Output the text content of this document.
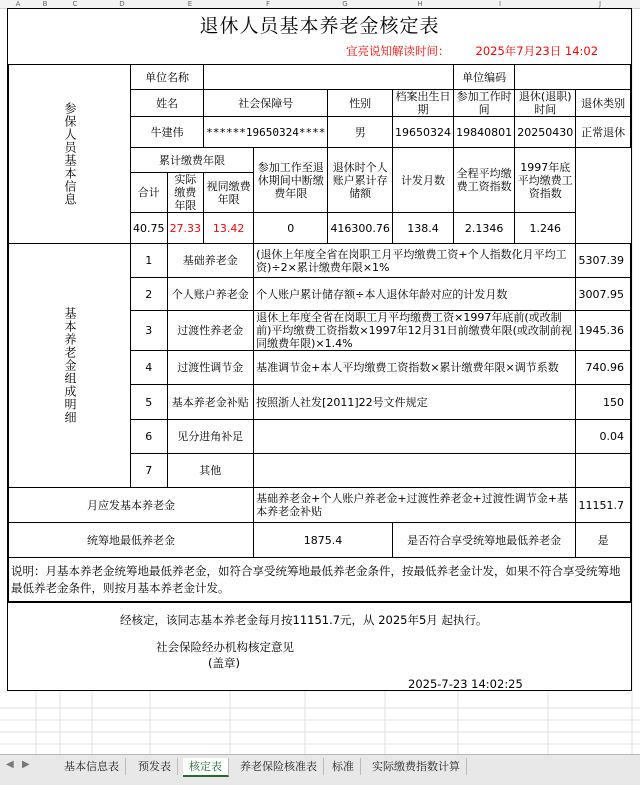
A	B	C	D	E	F	G	H	I	J
退休人员基本养老金核定表
宜亮说知解读时间： 2025年7月23日 14:02
参保人员基本信息	单位名称						单位编码		
	姓名		社会保障号		性别	档案出生日期	参加工作时间	退休(退职)时间	退休类别
	牛建伟		******19650324****		男	19650324	19840801	20250430	正常退休
	累计缴费年限			参加工作至退休期间中断缴费年限	退休时个人账户累计存储额	计发月数	全程平均缴费工资指数	1997年底平均缴费工资指数	
	合计	实际缴费年限	视同缴费年限						
	40.75	27.33	13.42	0	416300.76	138.4	2.1346	1.246	
基本养老金组成明细	1	基础养老金		(退休上年度全省在岗职工月平均缴费工资+个人指数化月平均工资)÷2×累计缴费年限×1%					5307.39
	2	个人账户养老金		个人账户累计储存额÷本人退休年龄对应的计发月数					3007.95
	3	过渡性养老金		退休上年度全省在岗职工月平均缴费工资×1997年底前(或改制前)平均缴费工资指数×1997年12月31日前缴费年限(或改制前视同缴费年限)×1.4%					1945.36
	4	过渡性调节金		基准调节金+本人平均缴费工资指数×累计缴费年限×调节系数					740.96
	5	基本养老金补贴		按照浙人社发[2011]22号文件规定					150
	6	见分进角补足							0.04
	7	其他							
月应发基本养老金				基础养老金+个人账户养老金+过渡性养老金+过渡性调节金+基本养老金补贴					11151.7
统筹地最低养老金				1875.4		是否符合享受统筹地最低养老金			是
说明：月基本养老金统筹地最低养老金，如符合享受统筹地最低养老金条件，按最低养老金计发，如果不符合享受统筹地最低养老金条件，则按月基本养老金计发。									
经核定，该同志基本养老金每月按11151.7元，从 2025年5月 起执行。
社会保险经办机构核定意见
(盖章)
2025-7-23 14:02:25
◀ ▶	基本信息表	预发表	核定表	养老保险核准表	标准	实际缴费指数计算
